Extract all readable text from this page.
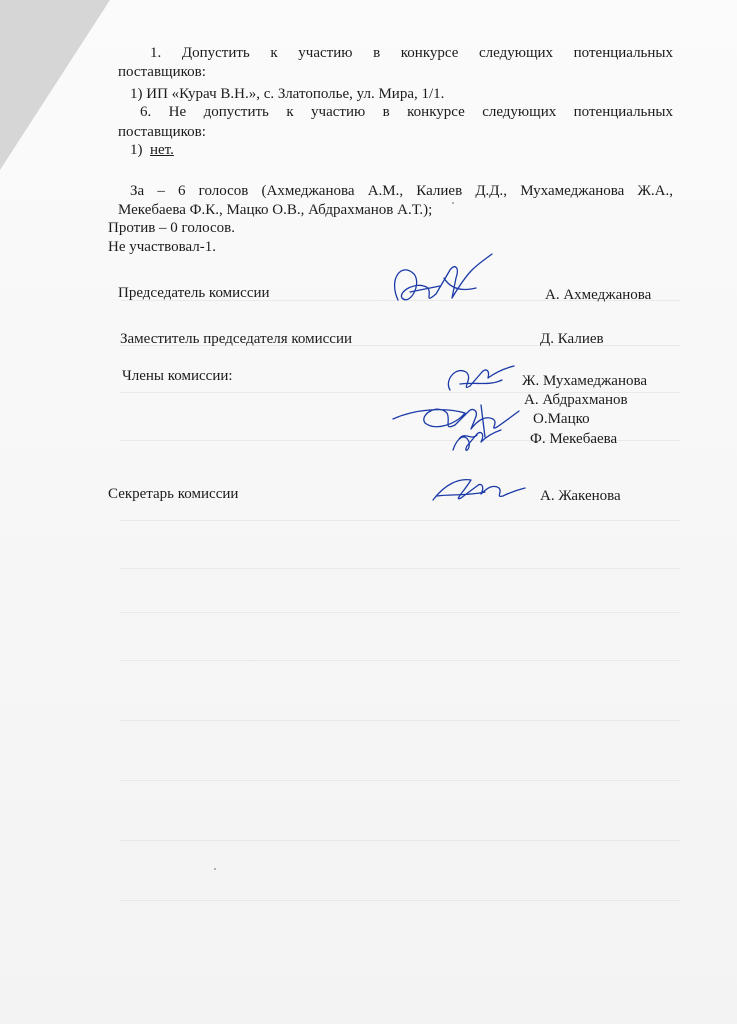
1. Допустить к участию в конкурсе следующих потенциальных
поставщиков:
1) ИП «Курач В.Н.», с. Златополье, ул. Мира, 1/1.
6. Не допустить к участию в конкурсе следующих потенциальных
поставщиков:
1) нет.
За – 6 голосов (Ахмеджанова А.М., Калиев Д.Д., Мухамеджанова Ж.А.,
Мекебаева Ф.К., Мацко О.В., Абдрахманов А.Т.);
Против – 0 голосов.
Не участвовал-1.
Председатель комиссии	А. Ахмеджанова
Заместитель председателя комиссии	Д. Калиев
Члены комиссии:	Ж. Мухамеджанова
А. Абдрахманов
О.Мацко
Ф. Мекебаева
Секретарь комиссии	А. Жакенова
